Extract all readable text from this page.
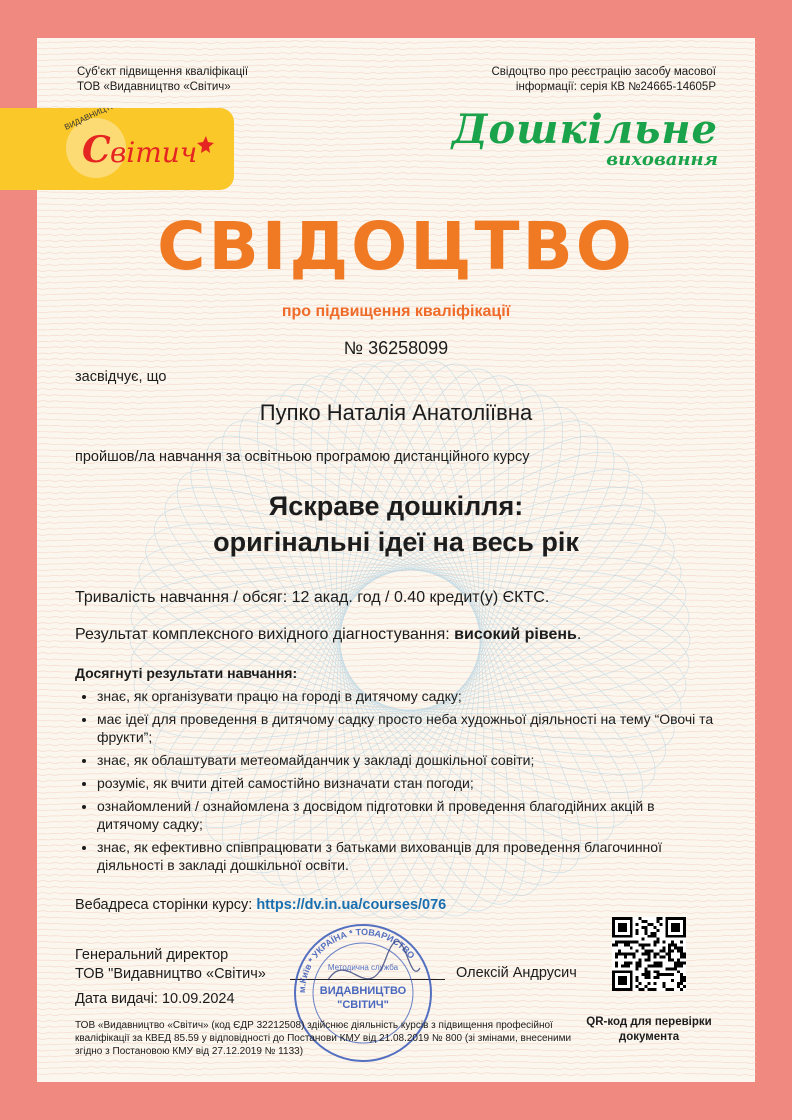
Суб'єкт підвищення кваліфікації
ТОВ «Видавництво «Світич»
Свідоцтво про реєстрацію засобу масової
інформації: серія КВ №24665-14605Р
С вітич
ВИДАВНИЦТВО	Дошкільне
виховання
СВІДОЦТВО
про підвищення кваліфікації
№ 36258099
засвідчує, що
Пупко Наталія Анатоліївна
пройшов/ла навчання за освітньою програмою дистанційного курсу
Яскраве дошкілля:
оригінальні ідеї на весь рік
Тривалість навчання / обсяг: 12 акад. год / 0.40 кредит(у) ЄКТС.
Результат комплексного вихідного діагностування: високий рівень.
Досягнуті результати навчання:
• знає, як організувати працю на городі в дитячому садку;
• має ідеї для проведення в дитячому садку просто неба художньої діяльності на тему “Овочі та фрукти”;
• знає, як облаштувати метеомайданчик у закладі дошкільної совіти;
• розуміє, як вчити дітей самостійно визначати стан погоди;
• ознайомлений / ознайомлена з досвідом підготовки й проведення благодійних акцій в дитячому садку;
• знає, як ефективно співпрацювати з батьками вихованців для проведення благочинної діяльності в закладі дошкільної освіти.
Вебадреса сторінки курсу: https://dv.in.ua/courses/076
Генеральний директор
ТОВ "Видавництво «Світич»	Олексій Андрусич
Дата видачі: 10.09.2024
м.Київ * УКРАЇНА * ТОВАРИСТВО
Методична служба
ВИДАВНИЦТВО
"СВІТИЧ"
ТОВ «Видавництво «Світич» (код ЄДР 32212508) здійснює діяльність курсів з підвищення професійної кваліфікації за КВЕД 85.59 у відповідності до Постанови КМУ від 21.08.2019 № 800 (зі змінами, внесеними згідно з Постановою КМУ від 27.12.2019 № 1133)
QR-код для перевірки
документа
